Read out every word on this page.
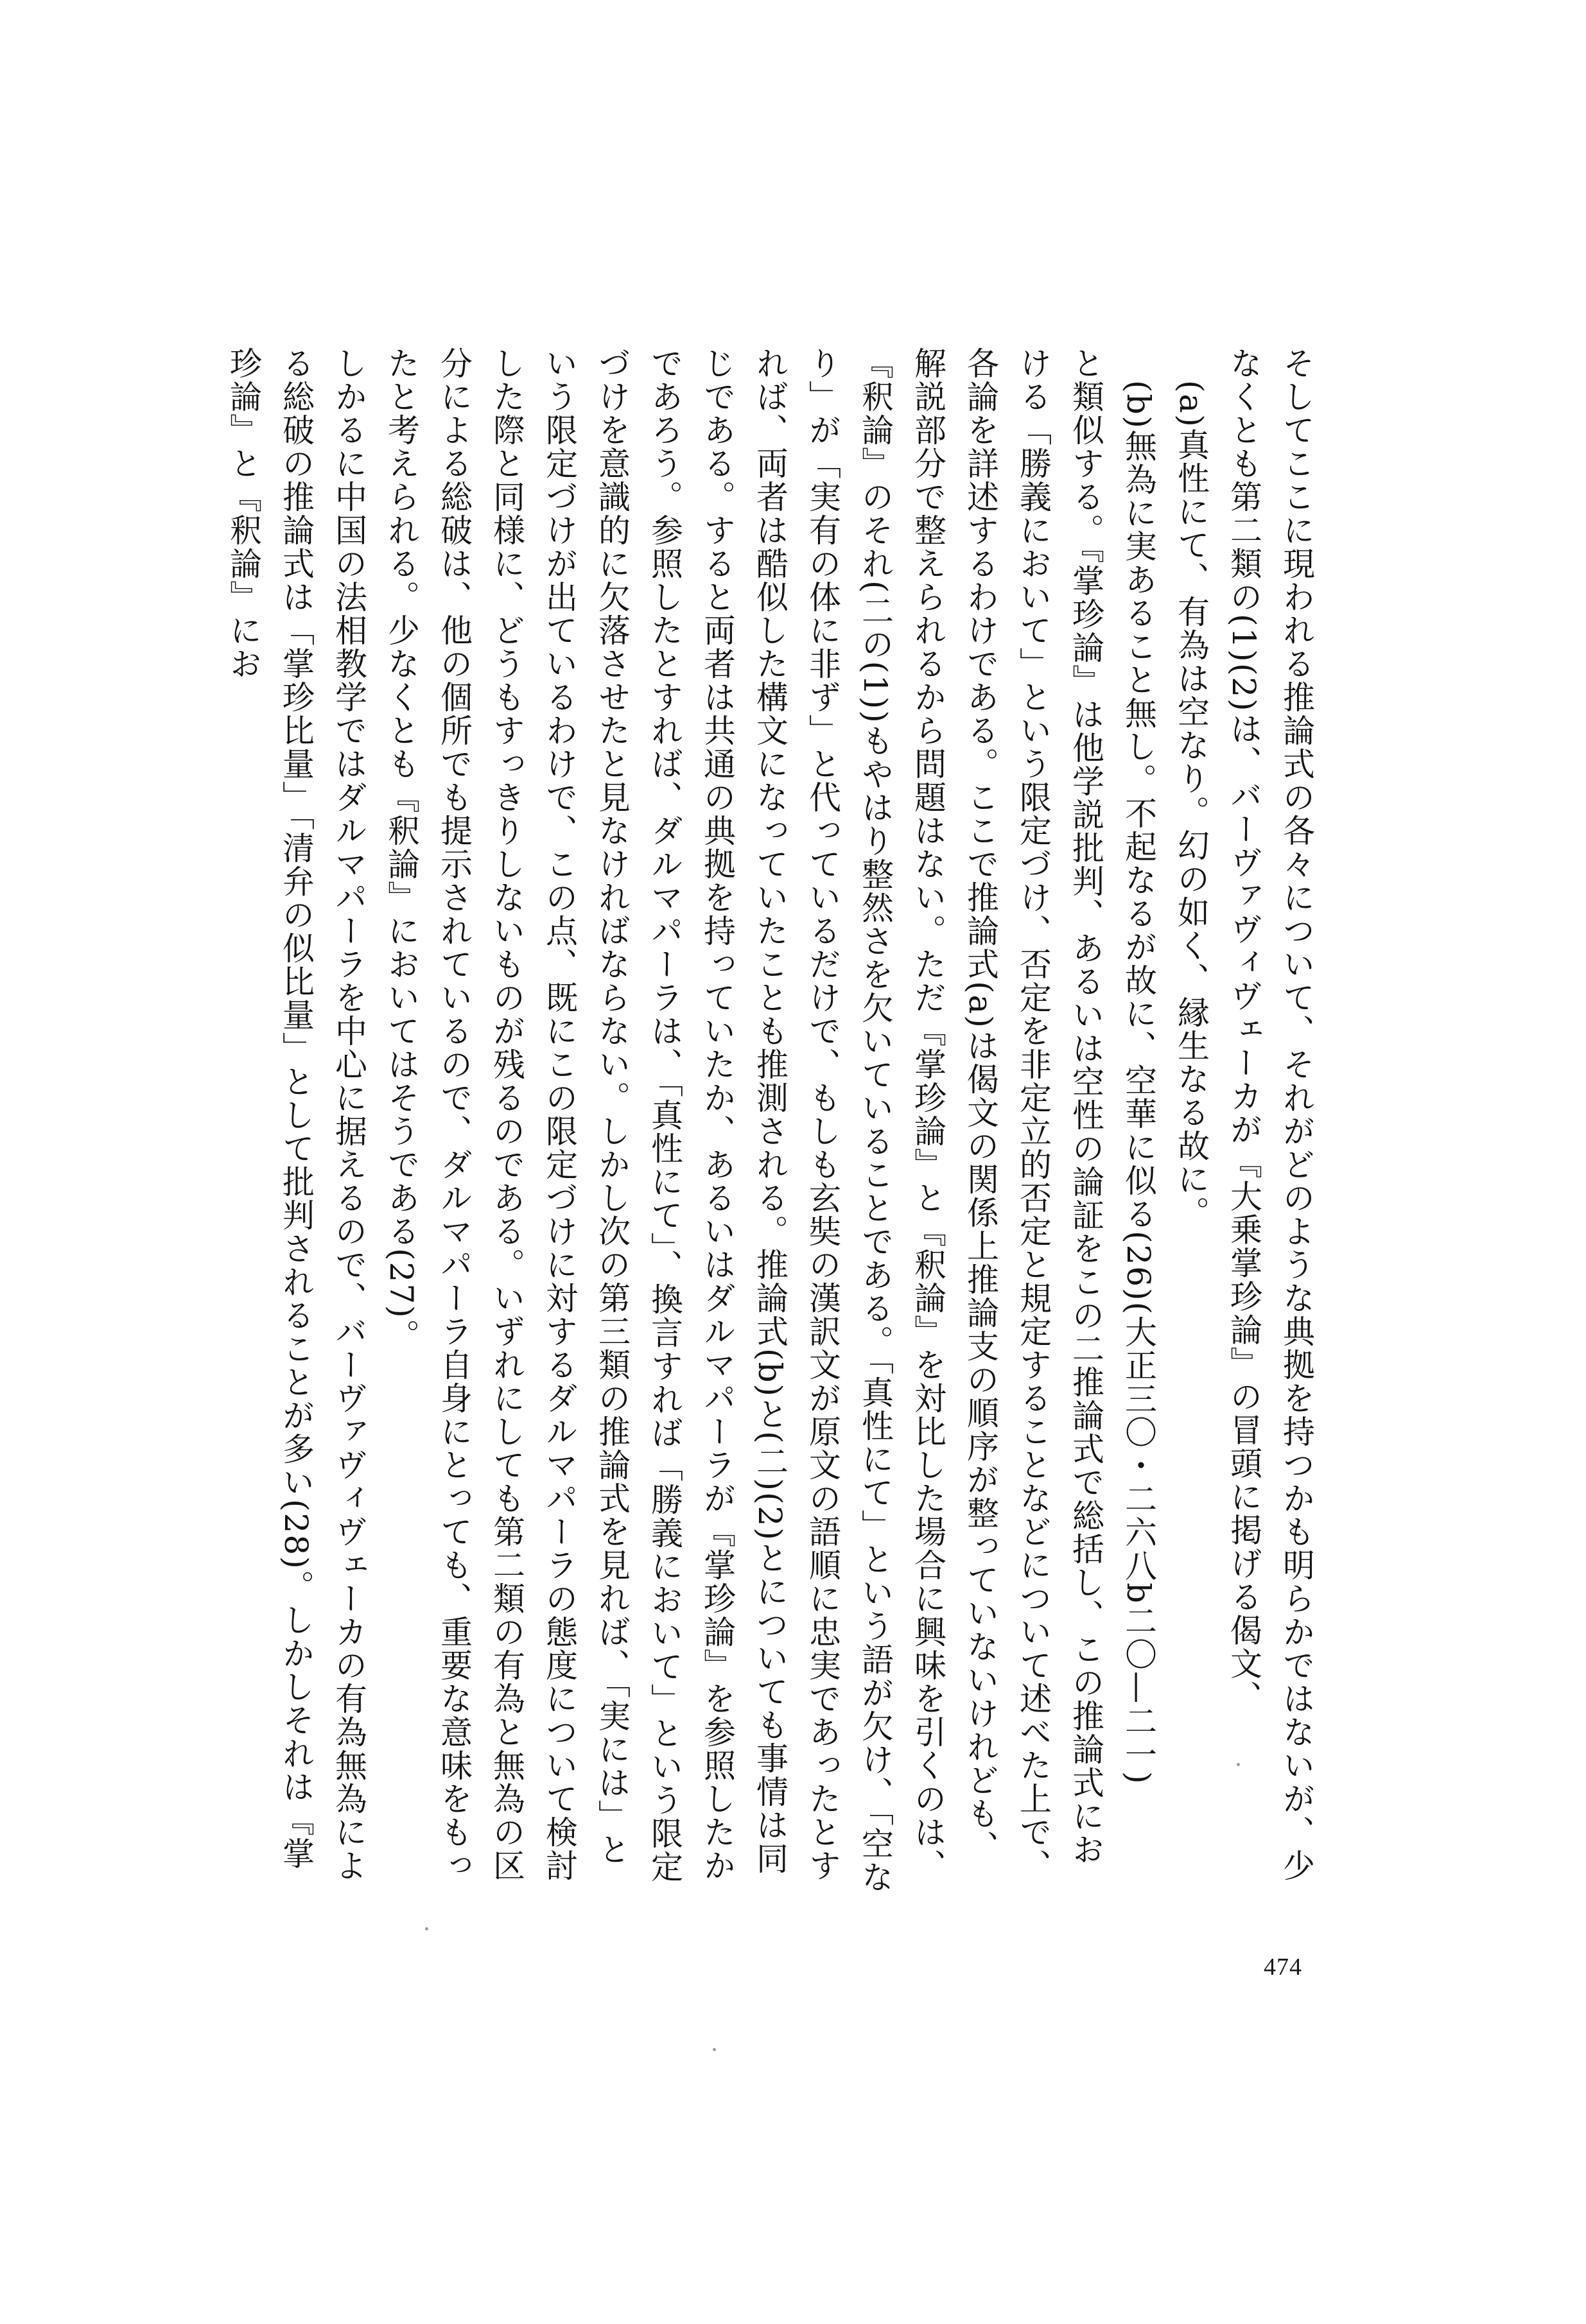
そしてここに現われる推論式の各々について、それがどのような典拠を持つかも明らかではないが、少なくとも第二類の(1)(2)は、バーヴァヴィヴェーカが『大乗掌珍論』の冒頭に掲げる偈文、

(a)真性にて、有為は空なり。幻の如く、縁生なる故に。

(b)無為に実あること無し。不起なるが故に、空華に似る(26)(大正三〇・二六八b二〇—二一)

と類似する。『掌珍論』は他学説批判、あるいは空性の論証をこの二推論式で総括し、この推論式における「勝義において」という限定づけ、否定を非定立的否定と規定することなどについて述べた上で、各論を詳述するわけである。ここで推論式(a)は偈文の関係上推論支の順序が整っていないけれども、解説部分で整えられるから問題はない。ただ『掌珍論』と『釈論』を対比した場合に興味を引くのは、『釈論』のそれ(二の(1))もやはり整然さを欠いていることである。「真性にて」という語が欠け、「空なり」が「実有の体に非ず」と代っているだけで、もしも玄奘の漢訳文が原文の語順に忠実であったとすれば、両者は酷似した構文になっていたことも推測される。推論式(b)と(二)(2)とについても事情は同じである。すると両者は共通の典拠を持っていたか、あるいはダルマパーラが『掌珍論』を参照したかであろう。参照したとすれば、ダルマパーラは、「真性にて」、換言すれば「勝義において」という限定づけを意識的に欠落させたと見なければならない。しかし次の第三類の推論式を見れば、「実には」という限定づけが出ているわけで、この点、既にこの限定づけに対するダルマパーラの態度について検討した際と同様に、どうもすっきりしないものが残るのである。いずれにしても第二類の有為と無為の区分による総破は、他の個所でも提示されているので、ダルマパーラ自身にとっても、重要な意味をもったと考えられる。少なくとも『釈論』においてはそうである(27)。

しかるに中国の法相教学ではダルマパーラを中心に据えるので、バーヴァヴィヴェーカの有為無為による総破の推論式は「掌珍比量」「清弁の似比量」として批判されることが多い(28)。しかしそれは『掌珍論』と『釈論』にお

474
